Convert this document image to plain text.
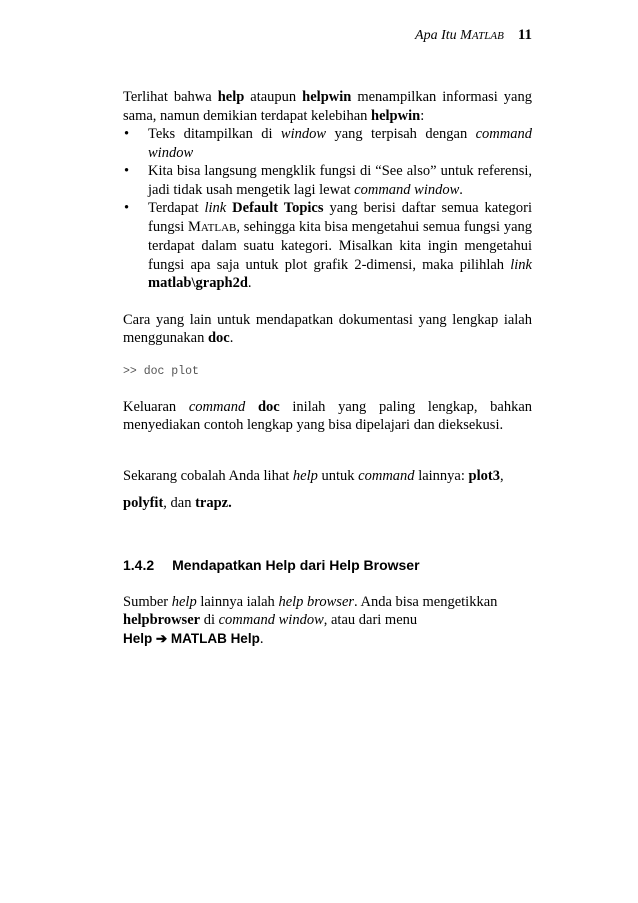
Apa Itu MATLAB 11

Terlihat bahwa help ataupun helpwin menampilkan informasi yang sama, namun demikian terdapat kelebihan helpwin:

• Teks ditampilkan di window yang terpisah dengan command window
• Kita bisa langsung mengklik fungsi di “See also” untuk referensi, jadi tidak usah mengetik lagi lewat command window.
• Terdapat link Default Topics yang berisi daftar semua kategori fungsi MATLAB, sehingga kita bisa mengetahui semua fungsi yang terdapat dalam suatu kategori. Misalkan kita ingin mengetahui fungsi apa saja untuk plot grafik 2-dimensi, maka pilihlah link matlab\graph2d.

Cara yang lain untuk mendapatkan dokumentasi yang lengkap ialah menggunakan doc.

>> doc plot

Keluaran command doc inilah yang paling lengkap, bahkan menyediakan contoh lengkap yang bisa dipelajari dan dieksekusi.

Sekarang cobalah Anda lihat help untuk command lainnya: plot3,
polyfit, dan trapz.

1.4.2 Mendapatkan Help dari Help Browser

Sumber help lainnya ialah help browser. Anda bisa mengetikkan
helpbrowser di command window, atau dari menu
Help ➔ MATLAB Help.
